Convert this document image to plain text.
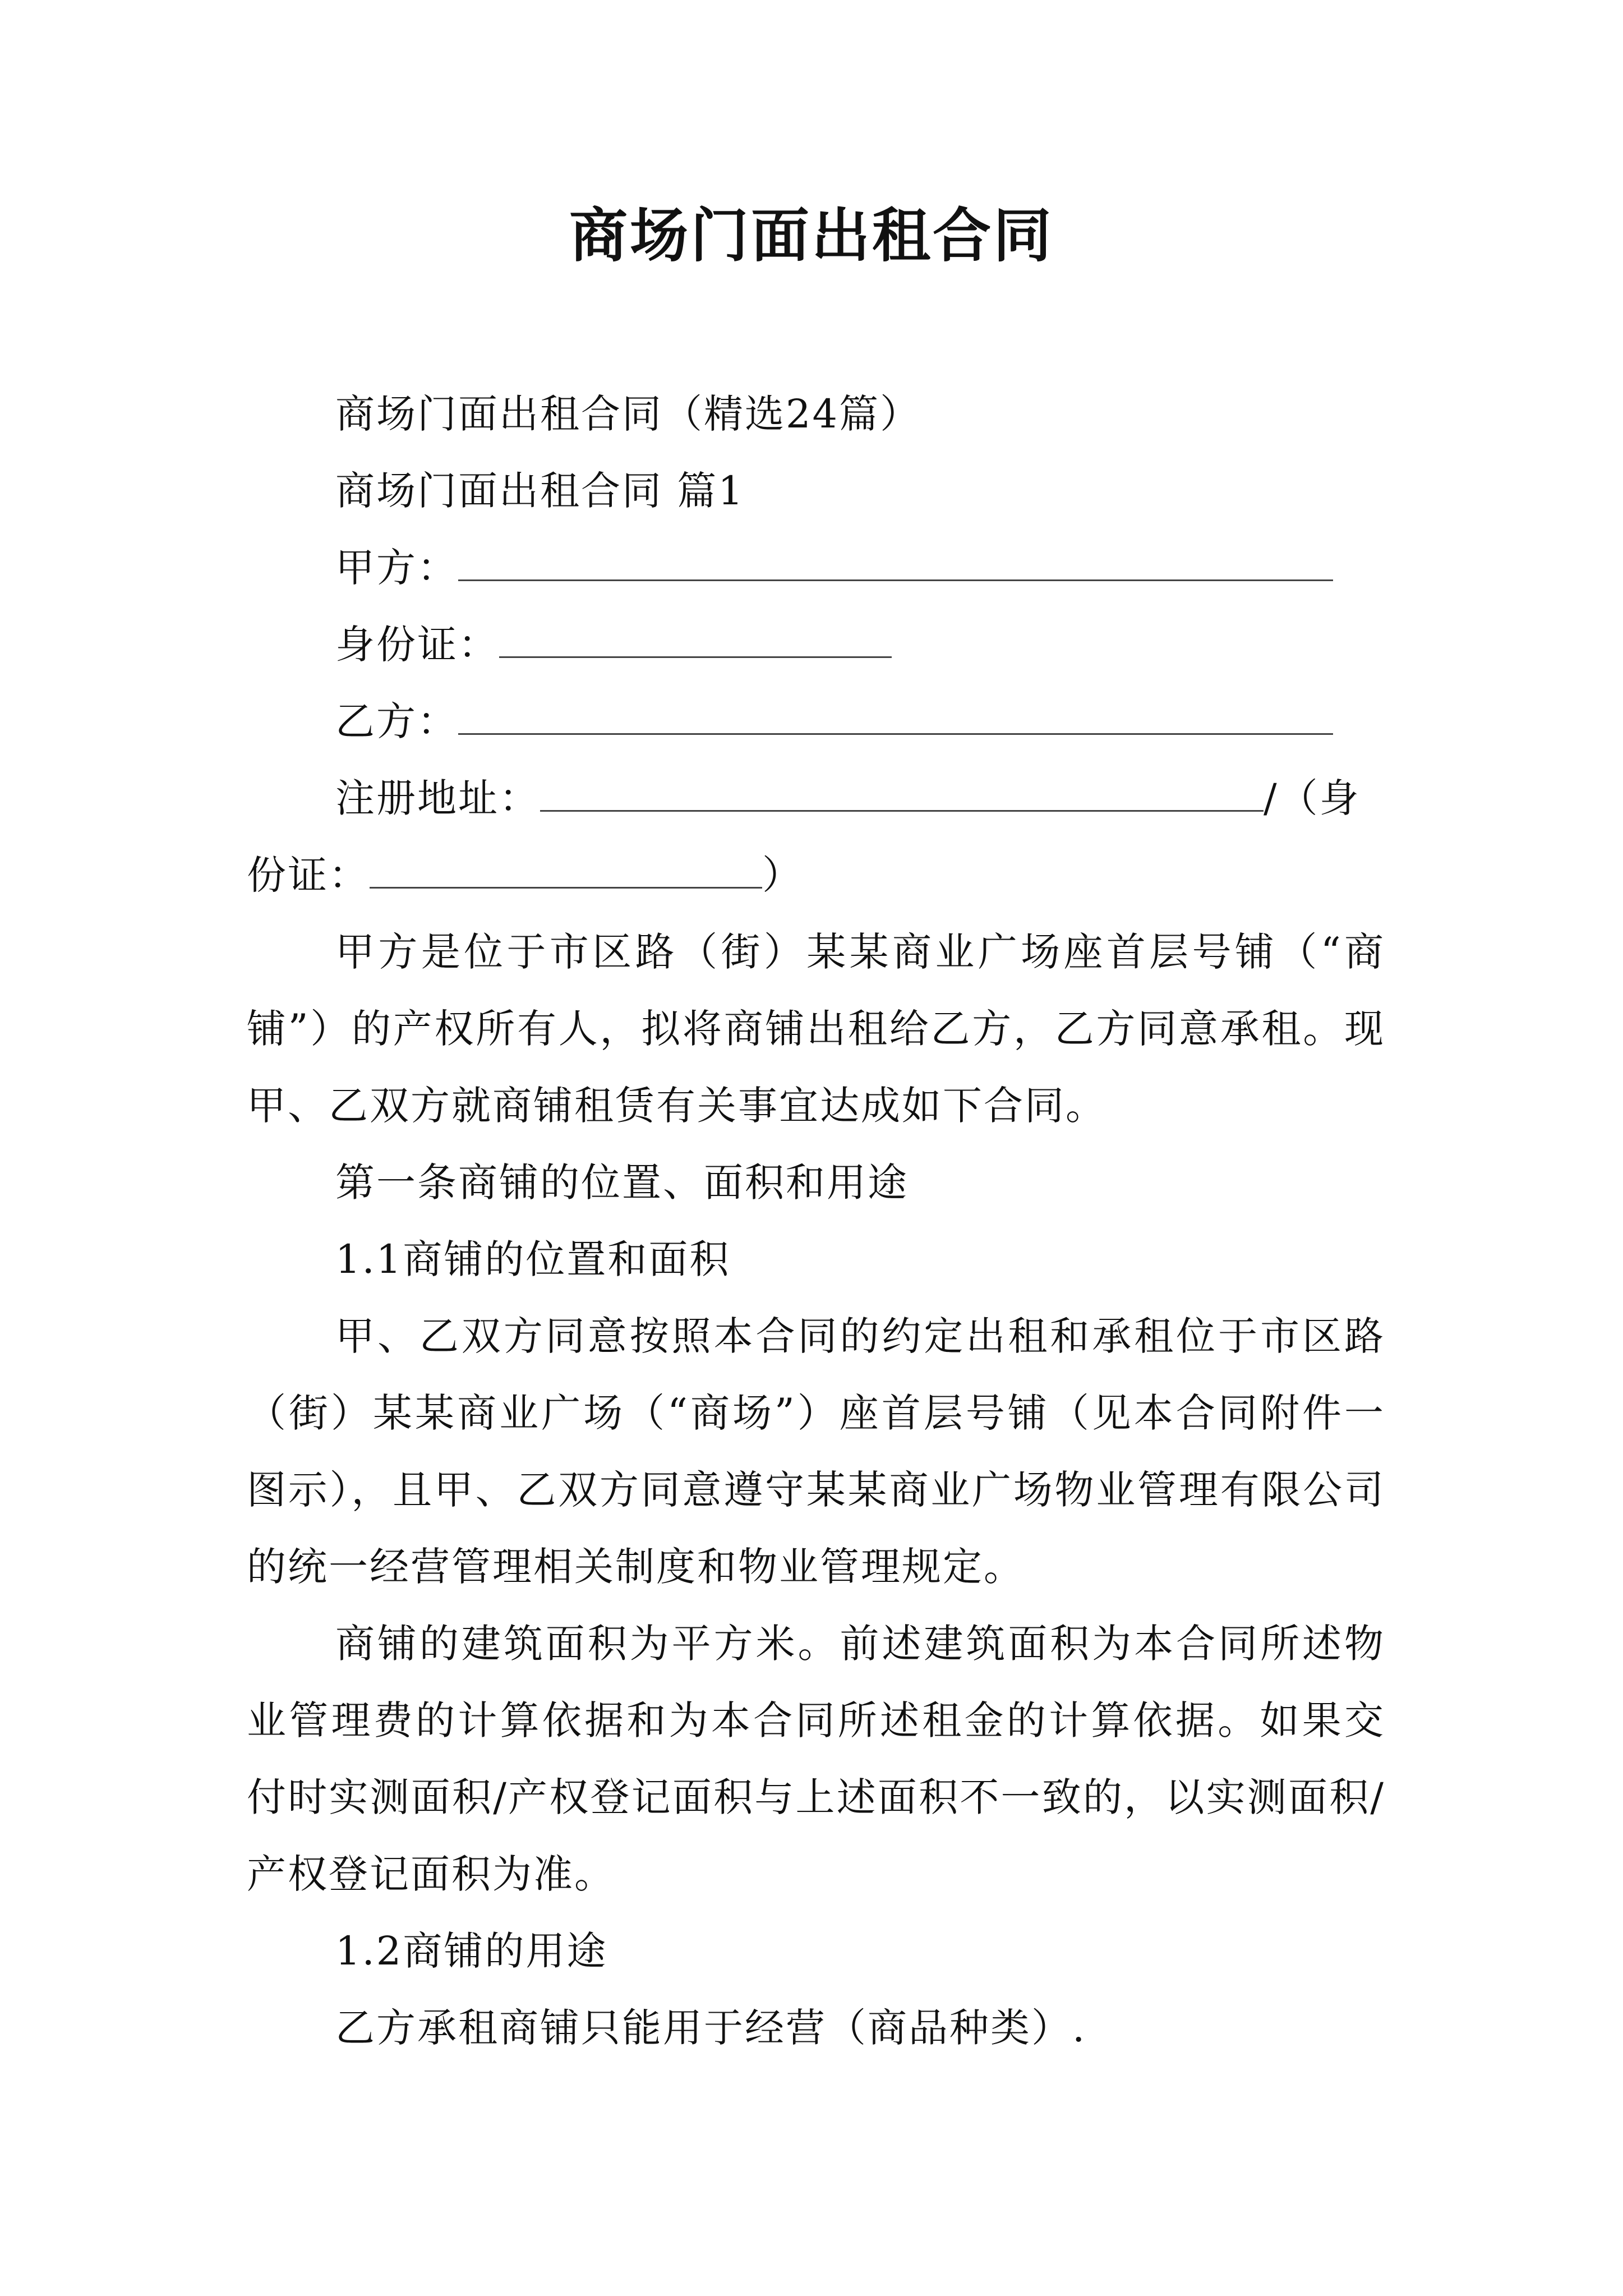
商场门面出租合同

商场门面出租合同（精选24篇）

商场门面出租合同 篇1

甲方：

身份证：

乙方：

注册地址：	/（身

份证：	）

甲方是位于市区路（街）某某商业广场座首层号铺（“商铺”）的产权所有人，拟将商铺出租给乙方，乙方同意承租。现甲、乙双方就商铺租赁有关事宜达成如下合同。

第一条商铺的位置、面积和用途

1.1商铺的位置和面积

甲、乙双方同意按照本合同的约定出租和承租位于市区路（街）某某商业广场（“商场”）座首层号铺（见本合同附件一图示），且甲、乙双方同意遵守某某商业广场物业管理有限公司的统一经营管理相关制度和物业管理规定。

商铺的建筑面积为平方米。前述建筑面积为本合同所述物业管理费的计算依据和为本合同所述租金的计算依据。如果交付时实测面积/产权登记面积与上述面积不一致的，以实测面积/产权登记面积为准。

1.2商铺的用途

乙方承租商铺只能用于经营（商品种类）.
